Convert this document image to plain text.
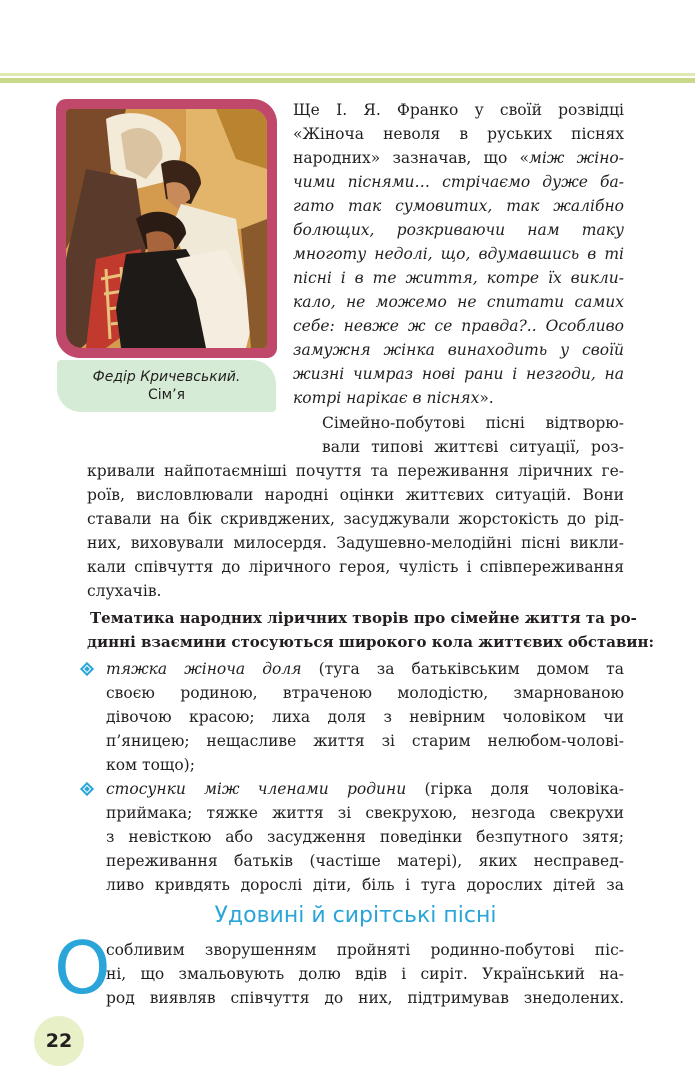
Федір Кричевський.
Сім’я
Ще І. Я. Франко у своїй розвідці
«Жіноча неволя в руських піснях
народних» зазначав, що «між жіно-
чими піснями… стрічаємо дуже ба-
гато так сумовитих, так жалібно
болющих, розкриваючи нам таку
многоту недолі, що, вдумавшись в ті
пісні і в те життя, котре їх викли-
кало, не можемо не спитати самих
себе: невже ж се правда?.. Особливо
замужня жінка винаходить у своїй
жизні чимраз нові рани і незгоди, на
котрі нарікає в піснях».
Сімейно-побутові пісні відтворю-
вали типові життєві ситуації, роз-
кривали найпотаємніші почуття та переживання ліричних ге-
роїв, висловлювали народні оцінки життєвих ситуацій. Вони
ставали на бік скривджених, засуджували жорстокість до рід-
них, виховували милосердя. Задушевно-мелодійні пісні викли-
кали співчуття до ліричного героя, чулість і співпереживання
слухачів.
Тематика народних ліричних творів про сімейне життя та ро-
динні взаємини стосуються широкого кола життєвих обставин:
тяжка жіноча доля (туга за батьківським домом та
своєю родиною, втраченою молодістю, змарнованою
дівочою красою; лиха доля з невірним чоловіком чи
п’яницею; нещасливе життя зі старим нелюбом-чолові-
ком тощо);
стосунки між членами родини (гірка доля чоловіка-
приймака; тяжке життя зі свекрухою, незгода свекрухи
з невісткою або засудження поведінки безпутного зятя;
переживання батьків (частіше матері), яких несправед-
ливо кривдять дорослі діти, біль і туга дорослих дітей за
Удовині й сирітські пісні
О
собливим зворушенням пройняті родинно-побутові піс-
ні, що змальовують долю вдів і сиріт. Український на-
род виявляв співчуття до них, підтримував знедолених.
22
